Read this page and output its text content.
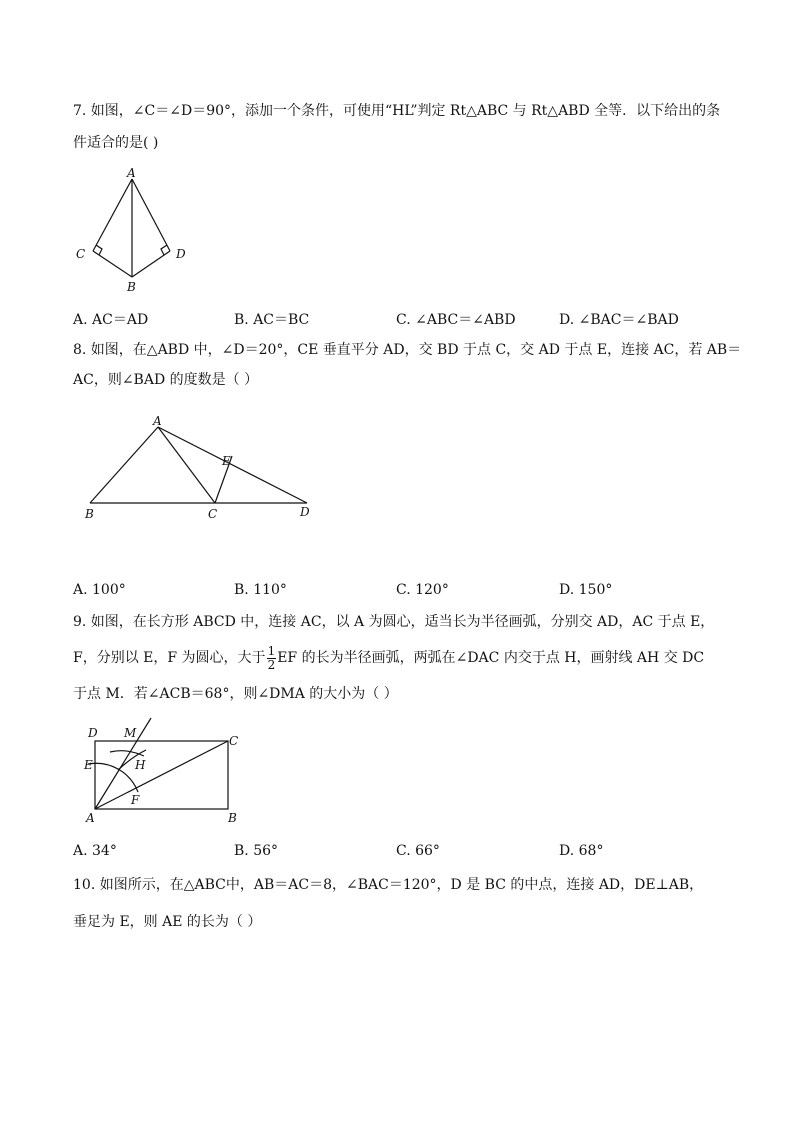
7. 如图，∠C＝∠D＝90°，添加一个条件，可使用“HL”判定 Rt△ABC 与 Rt△ABD 全等．以下给出的条
件适合的是( )
A
B
C	D
A. AC＝AD	B. AC＝BC	C. ∠ABC＝∠ABD	D. ∠BAC＝∠BAD
8. 如图，在△ABD 中，∠D＝20°，CE 垂直平分 AD，交 BD 于点 C，交 AD 于点 E，连接 AC，若 AB＝
AC，则∠BAD 的度数是（ ）
A
B	C	D
E
A. 100°	B. 110°	C. 120°	D. 150°
9. 如图，在长方形 ABCD 中，连接 AC，以 A 为圆心，适当长为半径画弧，分别交 AD，AC 于点 E，
F，分别以 E，F 为圆心，大于 $\frac{1}{2}$ EF 的长为半径画弧，两弧在∠DAC 内交于点 H，画射线 AH 交 DC
于点 M．若∠ACB＝68°，则∠DMA 的大小为（ ）
D M
C
E	H
F
A	B
A. 34°	B. 56°	C. 66°	D. 68°
10. 如图所示，在△ABC中，AB＝AC＝8，∠BAC＝120°，D 是 BC 的中点，连接 AD，DE⊥AB，
垂足为 E，则 AE 的长为（ ）
